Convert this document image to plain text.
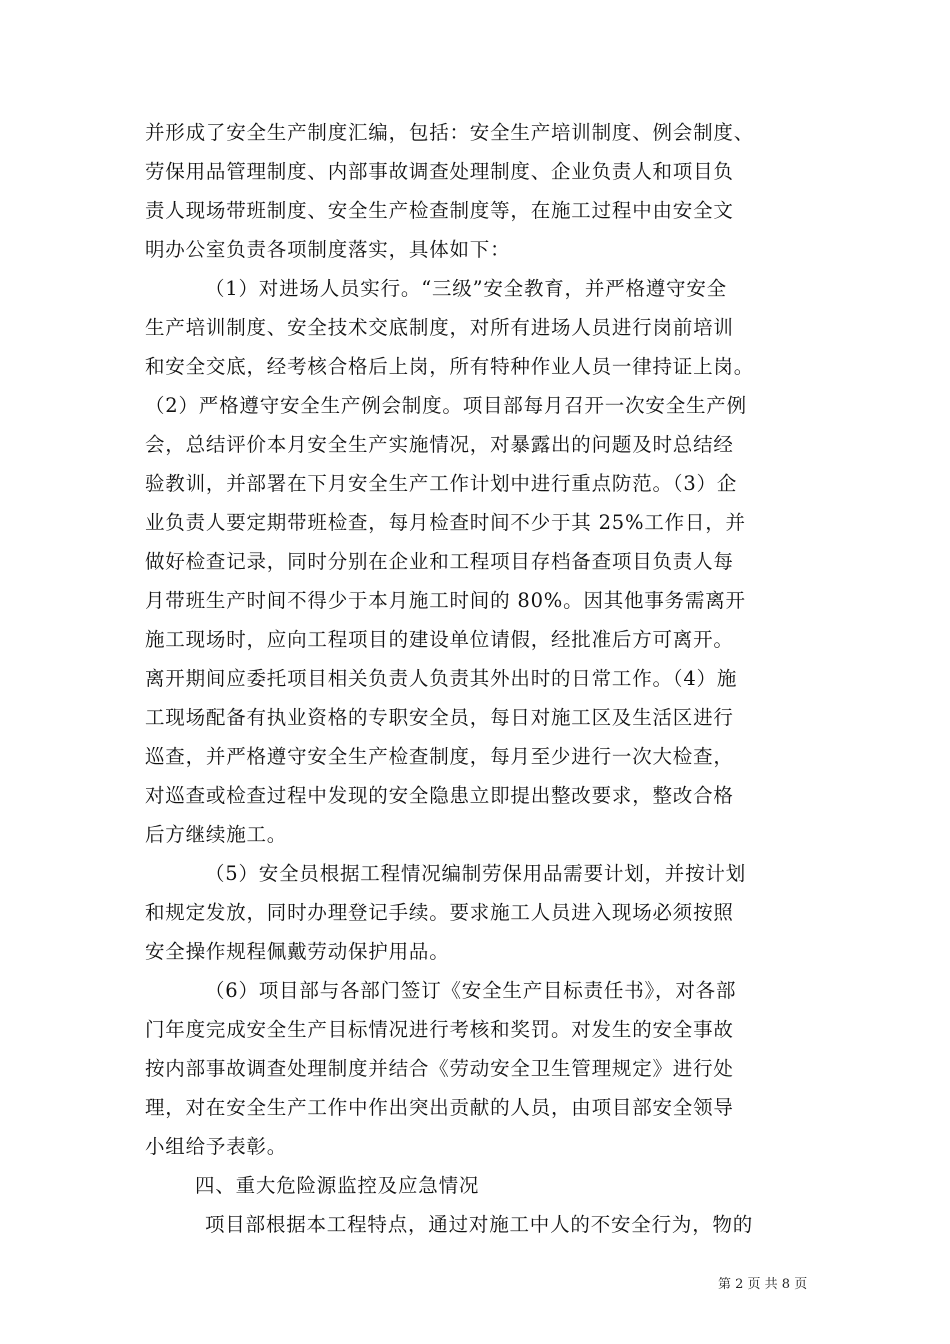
并形成了安全生产制度汇编，包括：安全生产培训制度、例会制度、
劳保用品管理制度、内部事故调查处理制度、企业负责人和项目负
责人现场带班制度、安全生产检查制度等，在施工过程中由安全文
明办公室负责各项制度落实，具体如下：
（1）对进场人员实行。“三级”安全教育，并严格遵守安全
生产培训制度、安全技术交底制度，对所有进场人员进行岗前培训
和安全交底，经考核合格后上岗，所有特种作业人员一律持证上岗。
（2）严格遵守安全生产例会制度。项目部每月召开一次安全生产例
会，总结评价本月安全生产实施情况，对暴露出的问题及时总结经
验教训，并部署在下月安全生产工作计划中进行重点防范。（3）企
业负责人要定期带班检查，每月检查时间不少于其 25%工作日，并
做好检查记录，同时分别在企业和工程项目存档备查项目负责人每
月带班生产时间不得少于本月施工时间的 80%。因其他事务需离开
施工现场时，应向工程项目的建设单位请假，经批准后方可离开。
离开期间应委托项目相关负责人负责其外出时的日常工作。（4）施
工现场配备有执业资格的专职安全员，每日对施工区及生活区进行
巡查，并严格遵守安全生产检查制度，每月至少进行一次大检查，
对巡查或检查过程中发现的安全隐患立即提出整改要求，整改合格
后方继续施工。
（5）安全员根据工程情况编制劳保用品需要计划，并按计划
和规定发放，同时办理登记手续。要求施工人员进入现场必须按照
安全操作规程佩戴劳动保护用品。
（6）项目部与各部门签订《安全生产目标责任书》，对各部
门年度完成安全生产目标情况进行考核和奖罚。对发生的安全事故
按内部事故调查处理制度并结合《劳动安全卫生管理规定》进行处
理，对在安全生产工作中作出突出贡献的人员，由项目部安全领导
小组给予表彰。
四、重大危险源监控及应急情况
项目部根据本工程特点，通过对施工中人的不安全行为，物的
第 2 页 共 8 页
